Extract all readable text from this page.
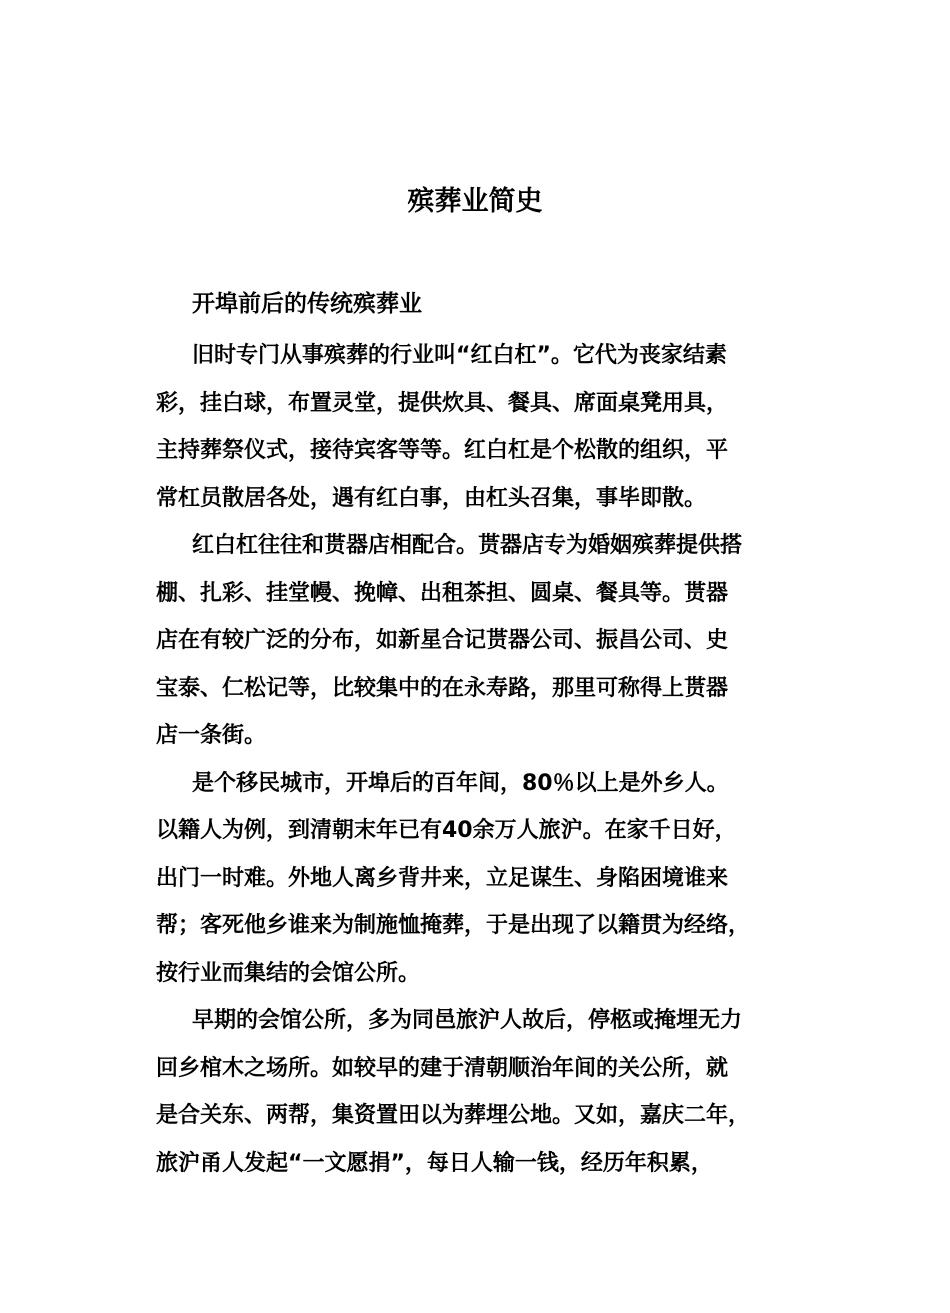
殡葬业简史
开埠前后的传统殡葬业

旧时专门从事殡葬的行业叫“红白杠”。它代为丧家结素
彩，挂白球，布置灵堂，提供炊具、餐具、席面桌凳用具，
主持葬祭仪式，接待宾客等等。红白杠是个松散的组织，平
常杠员散居各处，遇有红白事，由杠头召集，事毕即散。

红白杠往往和贳器店相配合。贳器店专为婚姻殡葬提供搭
棚、扎彩、挂堂幔、挽幛、出租茶担、圆桌、餐具等。贳器
店在有较广泛的分布，如新星合记贳器公司、振昌公司、史
宝泰、仁松记等，比较集中的在永寿路，那里可称得上贳器
店一条街。

是个移民城市，开埠后的百年间，80％以上是外乡人。
以籍人为例，到清朝末年已有40余万人旅沪。在家千日好，
出门一时难。外地人离乡背井来，立足谋生、身陷困境谁来
帮；客死他乡谁来为制施恤掩葬，于是出现了以籍贯为经络，
按行业而集结的会馆公所。

早期的会馆公所，多为同邑旅沪人故后，停柩或掩埋无力
回乡棺木之场所。如较早的建于清朝顺治年间的关公所，就
是合关东、两帮，集资置田以为葬埋公地。又如，嘉庆二年，
旅沪甬人发起“一文愿捐”，每日人输一钱，经历年积累，
